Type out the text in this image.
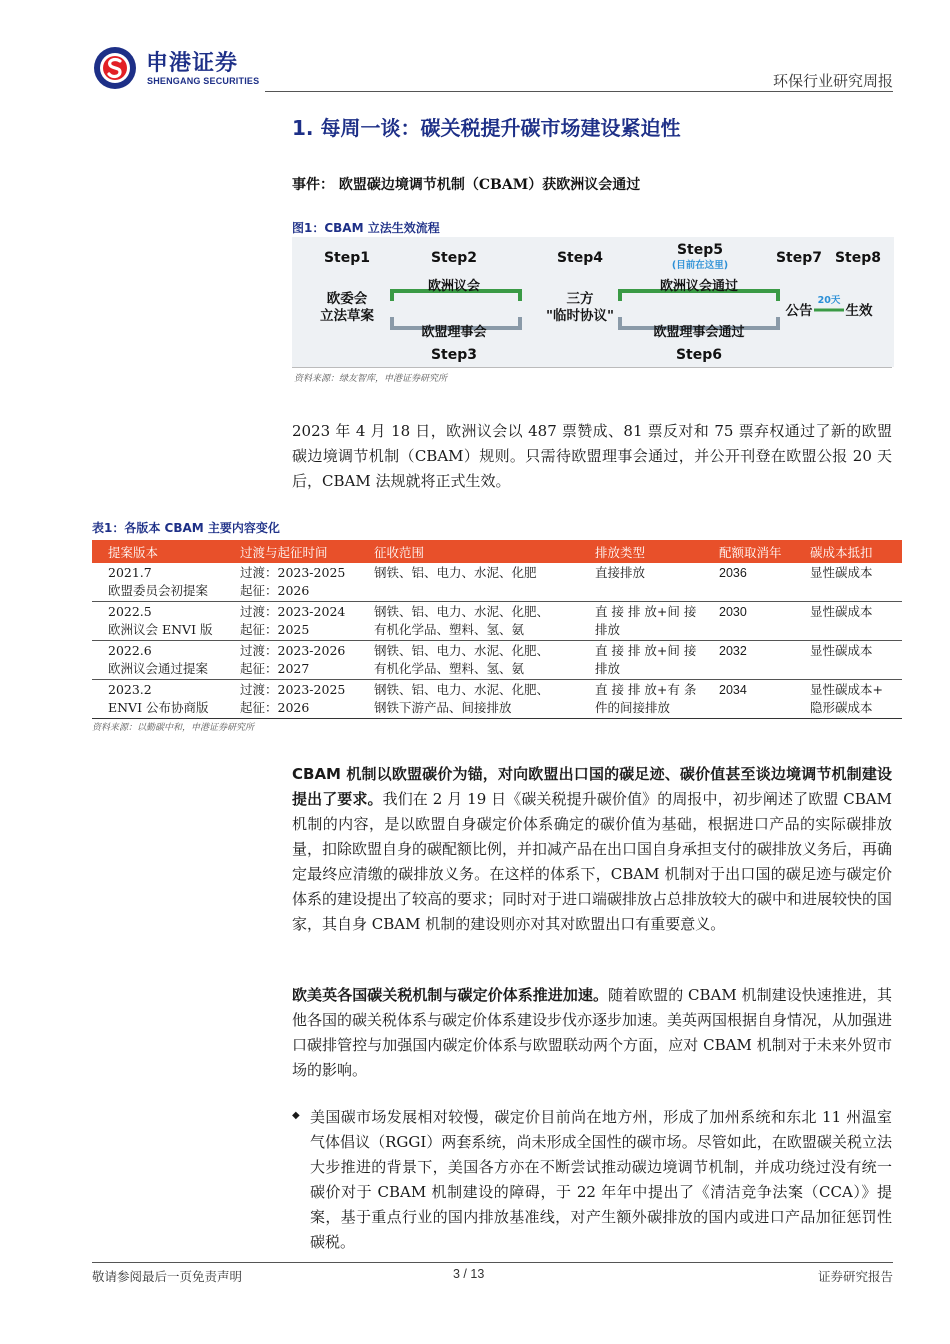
申港证券
SHENGANG SECURITIES	环保行业研究周报
1. 每周一谈：碳关税提升碳市场建设紧迫性
事件： 欧盟碳边境调节机制（CBAM）获欧洲议会通过
图1：CBAM 立法生效流程
Step1	Step2	Step4	Step5
(目前在这里)	Step7 Step8
欧委会
立法草案
欧洲议会
欧盟理事会
Step3
三方
"临时协议"
欧洲议会通过
欧盟理事会通过
Step6
公告
20天
生效
资料来源：绿友智库，申港证券研究所

2023 年 4 月 18 日，欧洲议会以 487 票赞成、81 票反对和 75 票弃权通过了新的欧盟碳边境调节机制（CBAM）规则。只需待欧盟理事会通过，并公开刊登在欧盟公报 20 天后，CBAM 法规就将正式生效。

表1：各版本 CBAM 主要内容变化
提案版本	过渡与起征时间	征收范围	排放类型	配额取消年	碳成本抵扣

2021.7
欧盟委员会初提案	过渡：2023-2025
起征：2026	钢铁、铝、电力、水泥、化肥	直接排放	2036	显性碳成本

2022.5
欧洲议会 ENVI 版	过渡：2023-2024
起征：2025	钢铁、铝、电力、水泥、化肥、
有机化学品、塑料、氢、氨	直 接 排 放+间 接
排放	2030	显性碳成本

2022.6
欧洲议会通过提案	过渡：2023-2026
起征：2027	钢铁、铝、电力、水泥、化肥、
有机化学品、塑料、氢、氨	直 接 排 放+间 接
排放	2032	显性碳成本

2023.2
ENVI 公布协商版	过渡：2023-2025
起征：2026	钢铁、铝、电力、水泥、化肥、
钢铁下游产品、间接排放	直 接 排 放+有 条
件的间接排放	2034	显性碳成本+
隐形碳成本
资料来源：以勤碳中和，申港证券研究所

CBAM 机制以欧盟碳价为锚，对向欧盟出口国的碳足迹、碳价值甚至谈边境调节机制建设提出了要求。我们在 2 月 19 日《碳关税提升碳价值》的周报中，初步阐述了欧盟 CBAM 机制的内容，是以欧盟自身碳定价体系确定的碳价值为基础，根据进口产品的实际碳排放量，扣除欧盟自身的碳配额比例，并扣减产品在出口国自身承担支付的碳排放义务后，再确定最终应清缴的碳排放义务。在这样的体系下，CBAM 机制对于出口国的碳足迹与碳定价体系的建设提出了较高的要求；同时对于进口端碳排放占总排放较大的碳中和进展较快的国家，其自身 CBAM 机制的建设则亦对其对欧盟出口有重要意义。

欧美英各国碳关税机制与碳定价体系推进加速。随着欧盟的 CBAM 机制建设快速推进，其他各国的碳关税体系与碳定价体系建设步伐亦逐步加速。美英两国根据自身情况，从加强进口碳排管控与加强国内碳定价体系与欧盟联动两个方面，应对 CBAM 机制对于未来外贸市场的影响。

◆ 美国碳市场发展相对较慢，碳定价目前尚在地方州，形成了加州系统和东北 11 州温室气体倡议（RGGI）两套系统，尚未形成全国性的碳市场。尽管如此，在欧盟碳关税立法大步推进的背景下，美国各方亦在不断尝试推动碳边境调节机制，并成功绕过没有统一碳价对于 CBAM 机制建设的障碍，于 22 年年中提出了《清洁竞争法案（CCA）》提案，基于重点行业的国内排放基准线，对产生额外碳排放的国内或进口产品加征惩罚性碳税。

敬请参阅最后一页免责声明	3 / 13	证券研究报告
